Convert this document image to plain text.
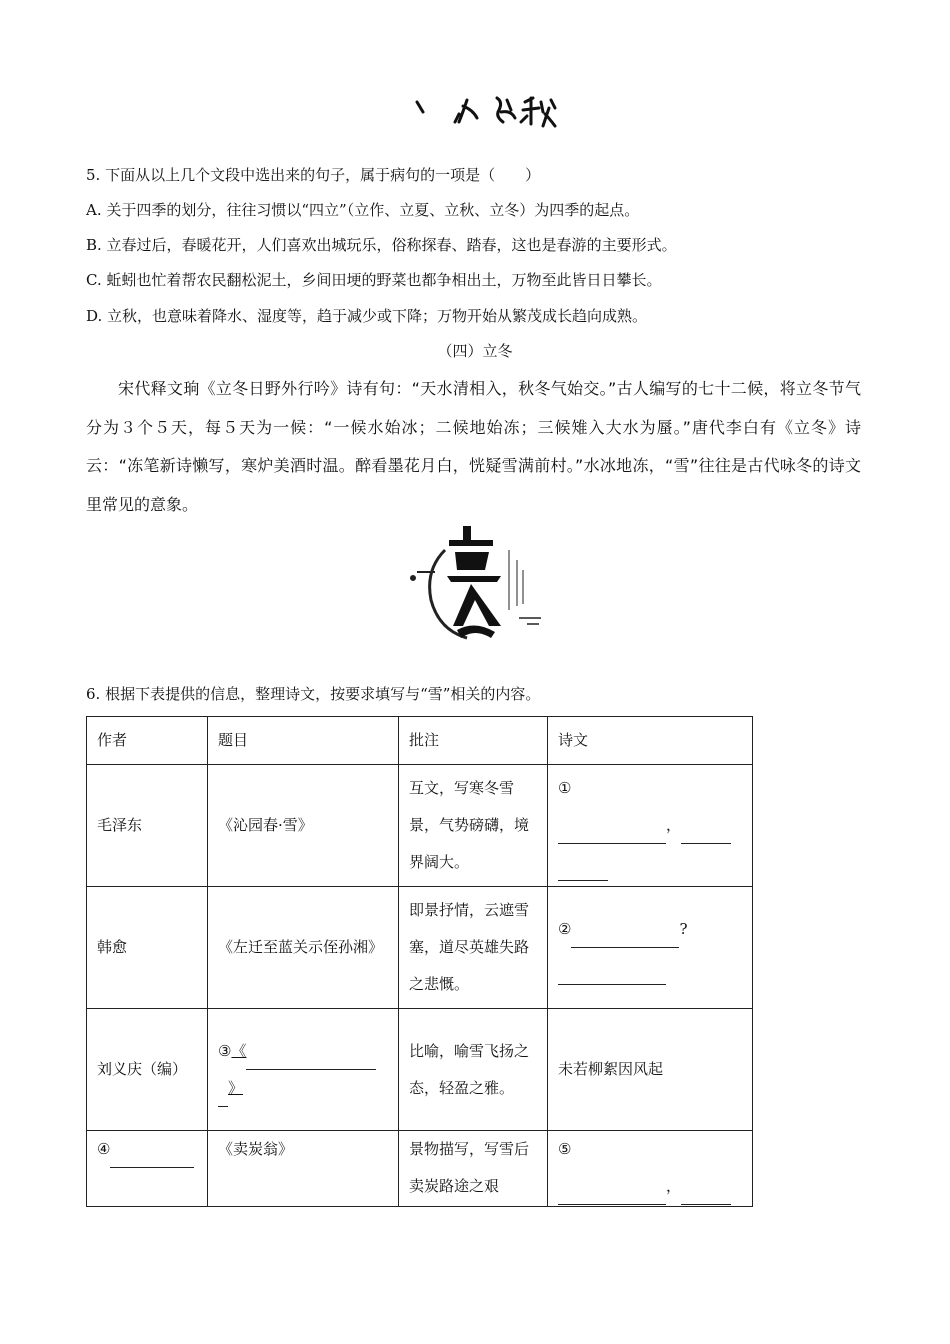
5. 下面从以上几个文段中选出来的句子，属于病句的一项是（　　）
A. 关于四季的划分，往往习惯以“四立”（立作、立夏、立秋、立冬）为四季的起点。
B. 立春过后，春暖花开，人们喜欢出城玩乐，俗称探春、踏春，这也是春游的主要形式。
C. 蚯蚓也忙着帮农民翻松泥土，乡间田埂的野菜也都争相出土，万物至此皆日日攀长。
D. 立秋，也意味着降水、湿度等，趋于减少或下降；万物开始从繁茂成长趋向成熟。
（四）立冬
宋代释文珦《立冬日野外行吟》诗有句：“天水清相入，秋冬气始交。”古人编写的七十二候，将立冬节气分为３个５天，每５天为一候：“一候水始冰；二候地始冻；三候雉入大水为蜃。”唐代李白有《立冬》诗云：“冻笔新诗懒写，寒炉美酒时温。醉看墨花月白，恍疑雪满前村。”水冰地冻，“雪”往往是古代咏冬的诗文里常见的意象。
6. 根据下表提供的信息，整理诗文，按要求填写与“雪”相关的内容。
作者	题目	批注	诗文
毛泽东	《沁园春·雪》	互文，写寒冬雪景，气势磅礴，境界阔大。	①
，

韩愈	《左迁至蓝关示侄孙湘》	即景抒情，云遮雪塞，道尽英雄失路之悲慨。	② ?

刘义庆（编）	③《
》	比喻，喻雪飞扬之态，轻盈之雅。	未若柳絮因风起
④	《卖炭翁》	景物描写，写雪后卖炭路途之艰	⑤
，
